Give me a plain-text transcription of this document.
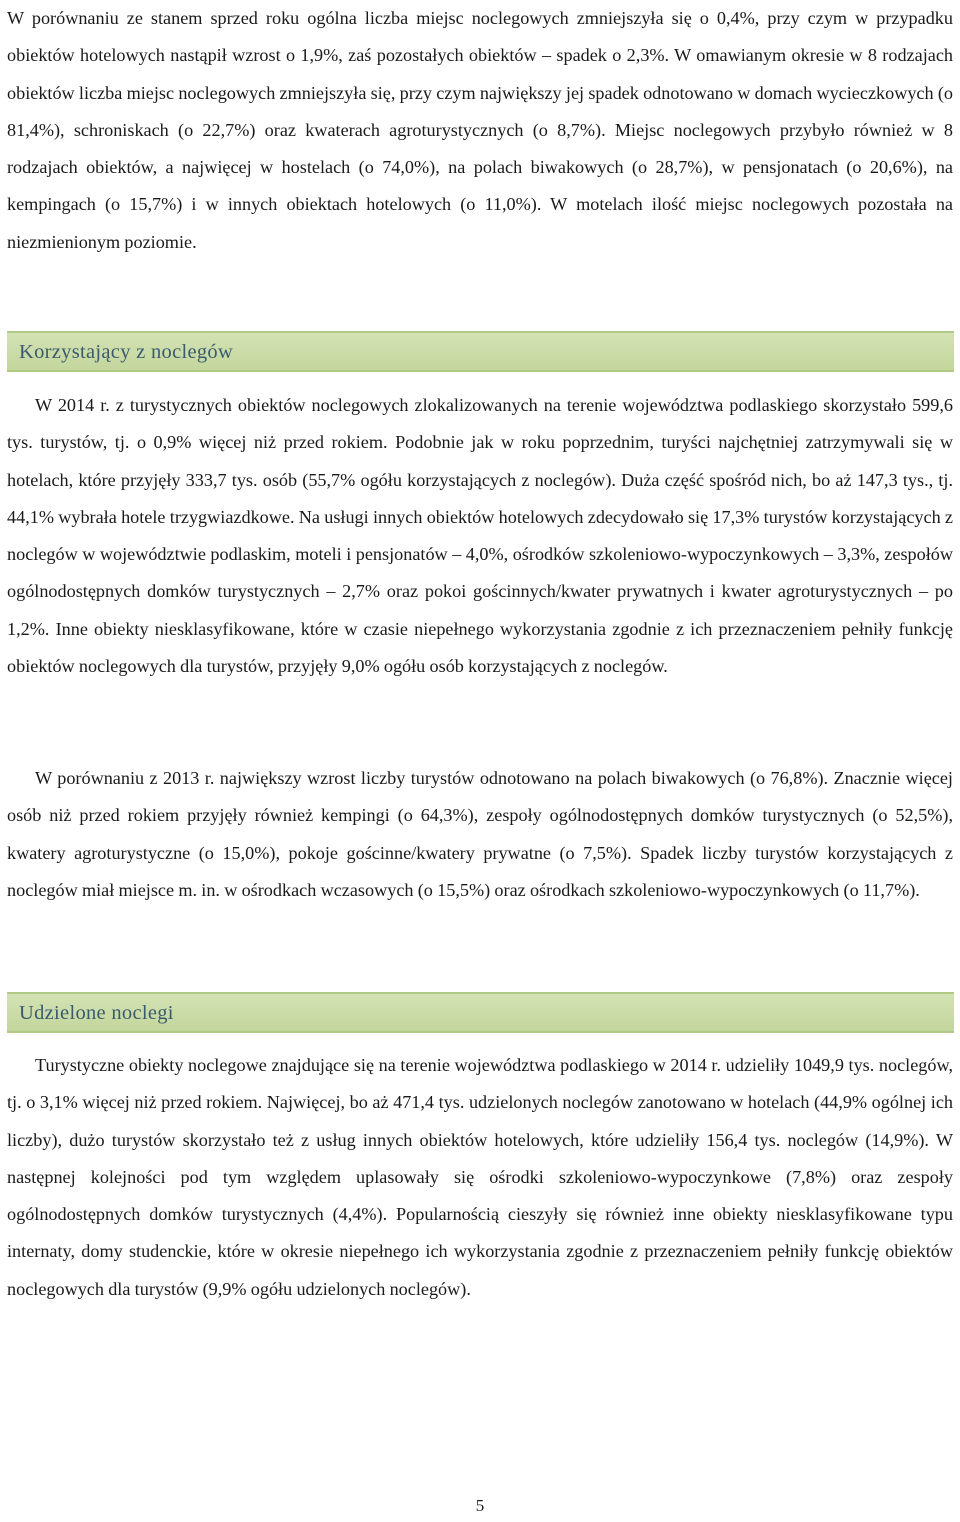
W porównaniu ze stanem sprzed roku ogólna liczba miejsc noclegowych zmniejszyła się o 0,4%, przy czym w przypadku obiektów hotelowych nastąpił wzrost o 1,9%, zaś pozostałych obiektów – spadek o 2,3%. W omawianym okresie w 8 rodzajach obiektów liczba miejsc noclegowych zmniejszyła się, przy czym największy jej spadek odnotowano w domach wycieczkowych (o 81,4%), schroniskach (o 22,7%) oraz kwaterach agroturystycznych (o 8,7%). Miejsc noclegowych przybyło również w 8 rodzajach obiektów, a najwięcej w hostelach (o 74,0%), na polach biwakowych (o 28,7%), w pensjonatach (o 20,6%), na kempingach (o 15,7%) i w innych obiektach hotelowych (o 11,0%). W motelach ilość miejsc noclegowych pozostała na niezmienionym poziomie.

Korzystający z noclegów

W 2014 r. z turystycznych obiektów noclegowych zlokalizowanych na terenie województwa podlaskiego skorzystało 599,6 tys. turystów, tj. o 0,9% więcej niż przed rokiem. Podobnie jak w roku poprzednim, turyści najchętniej zatrzymywali się w hotelach, które przyjęły 333,7 tys. osób (55,7% ogółu korzystających z noclegów). Duża część spośród nich, bo aż 147,3 tys., tj. 44,1% wybrała hotele trzygwiazdkowe. Na usługi innych obiektów hotelowych zdecydowało się 17,3% turystów korzystających z noclegów w województwie podlaskim, moteli i pensjonatów – 4,0%, ośrodków szkoleniowo-wypoczynkowych – 3,3%, zespołów ogólnodostępnych domków turystycznych – 2,7% oraz pokoi gościnnych/kwater prywatnych i kwater agroturystycznych – po 1,2%. Inne obiekty niesklasyfikowane, które w czasie niepełnego wykorzystania zgodnie z ich przeznaczeniem pełniły funkcję obiektów noclegowych dla turystów, przyjęły 9,0% ogółu osób korzystających z noclegów.

W porównaniu z 2013 r. największy wzrost liczby turystów odnotowano na polach biwakowych (o 76,8%). Znacznie więcej osób niż przed rokiem przyjęły również kempingi (o 64,3%), zespoły ogólnodostępnych domków turystycznych (o 52,5%), kwatery agroturystyczne (o 15,0%), pokoje gościnne/kwatery prywatne (o 7,5%). Spadek liczby turystów korzystających z noclegów miał miejsce m. in. w ośrodkach wczasowych (o 15,5%) oraz ośrodkach szkoleniowo-wypoczynkowych (o 11,7%).

Udzielone noclegi

Turystyczne obiekty noclegowe znajdujące się na terenie województwa podlaskiego w 2014 r. udzieliły 1049,9 tys. noclegów, tj. o 3,1% więcej niż przed rokiem. Najwięcej, bo aż 471,4 tys. udzielonych noclegów zanotowano w hotelach (44,9% ogólnej ich liczby), dużo turystów skorzystało też z usług innych obiektów hotelowych, które udzieliły 156,4 tys. noclegów (14,9%). W następnej kolejności pod tym względem uplasowały się ośrodki szkoleniowo-wypoczynkowe (7,8%) oraz zespoły ogólnodostępnych domków turystycznych (4,4%). Popularnością cieszyły się również inne obiekty niesklasyfikowane typu internaty, domy studenckie, które w okresie niepełnego ich wykorzystania zgodnie z przeznaczeniem pełniły funkcję obiektów noclegowych dla turystów (9,9% ogółu udzielonych noclegów).

5
